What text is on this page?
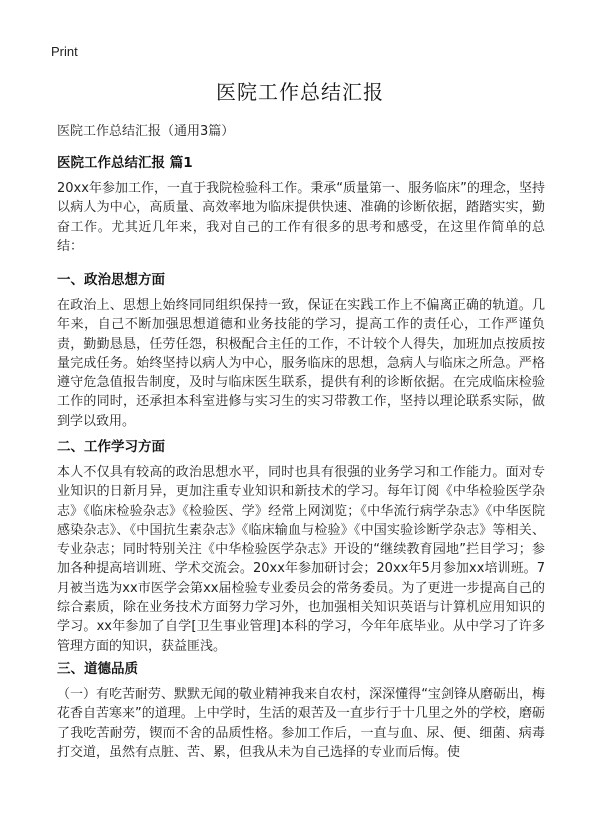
Print
医院工作总结汇报
医院工作总结汇报（通用3篇）
医院工作总结汇报 篇1
20xx年参加工作，一直于我院检验科工作。秉承“质量第一、服务临床”的理念，坚持以病人为中心，高质量、高效率地为临床提供快速、准确的诊断依据，踏踏实实，勤奋工作。尤其近几年来，我对自己的工作有很多的思考和感受，在这里作简单的总结：
一、政治思想方面
在政治上、思想上始终同同组织保持一致，保证在实践工作上不偏离正确的轨道。几年来，自己不断加强思想道德和业务技能的学习，提高工作的责任心，工作严谨负责，勤勤恳恳，任劳任怨，积极配合主任的工作，不计较个人得失，加班加点按质按量完成任务。始终坚持以病人为中心，服务临床的思想，急病人与临床之所急。严格遵守危急值报告制度，及时与临床医生联系，提供有利的诊断依据。在完成临床检验工作的同时，还承担本科室进修与实习生的实习带教工作，坚持以理论联系实际，做到学以致用。
二、工作学习方面
本人不仅具有较高的政治思想水平，同时也具有很强的业务学习和工作能力。面对专业知识的日新月异，更加注重专业知识和新技术的学习。每年订阅《中华检验医学杂志》《临床检验杂志》《检验医、学》经常上网浏览；《中华流行病学杂志》《中华医院感染杂志》、《中国抗生素杂志》《临床输血与检验》《中国实验诊断学杂志》等相关、专业杂志；同时特别关注《中华检验医学杂志》开设的“继续教育园地”拦目学习；参加各种提高培训班、学术交流会。20xx年参加研讨会；20xx年5月参加xx培训班。7月被当选为xx市医学会第xx届检验专业委员会的常务委员。为了更进一步提高自己的综合素质，除在业务技术方面努力学习外，也加强相关知识英语与计算机应用知识的学习。xx年参加了自学[卫生事业管理]本科的学习，今年年底毕业。从中学习了许多管理方面的知识，获益匪浅。
三、道德品质
（一）有吃苦耐劳、默默无闻的敬业精神我来自农村，深深懂得“宝剑锋从磨砺出，梅花香自苦寒来”的道理。上中学时，生活的艰苦及一直步行于十几里之外的学校，磨砺了我吃苦耐劳，锲而不舍的品质性格。参加工作后，一直与血、尿、便、细菌、病毒打交道，虽然有点脏、苦、累，但我从未为自己选择的专业而后悔。使
